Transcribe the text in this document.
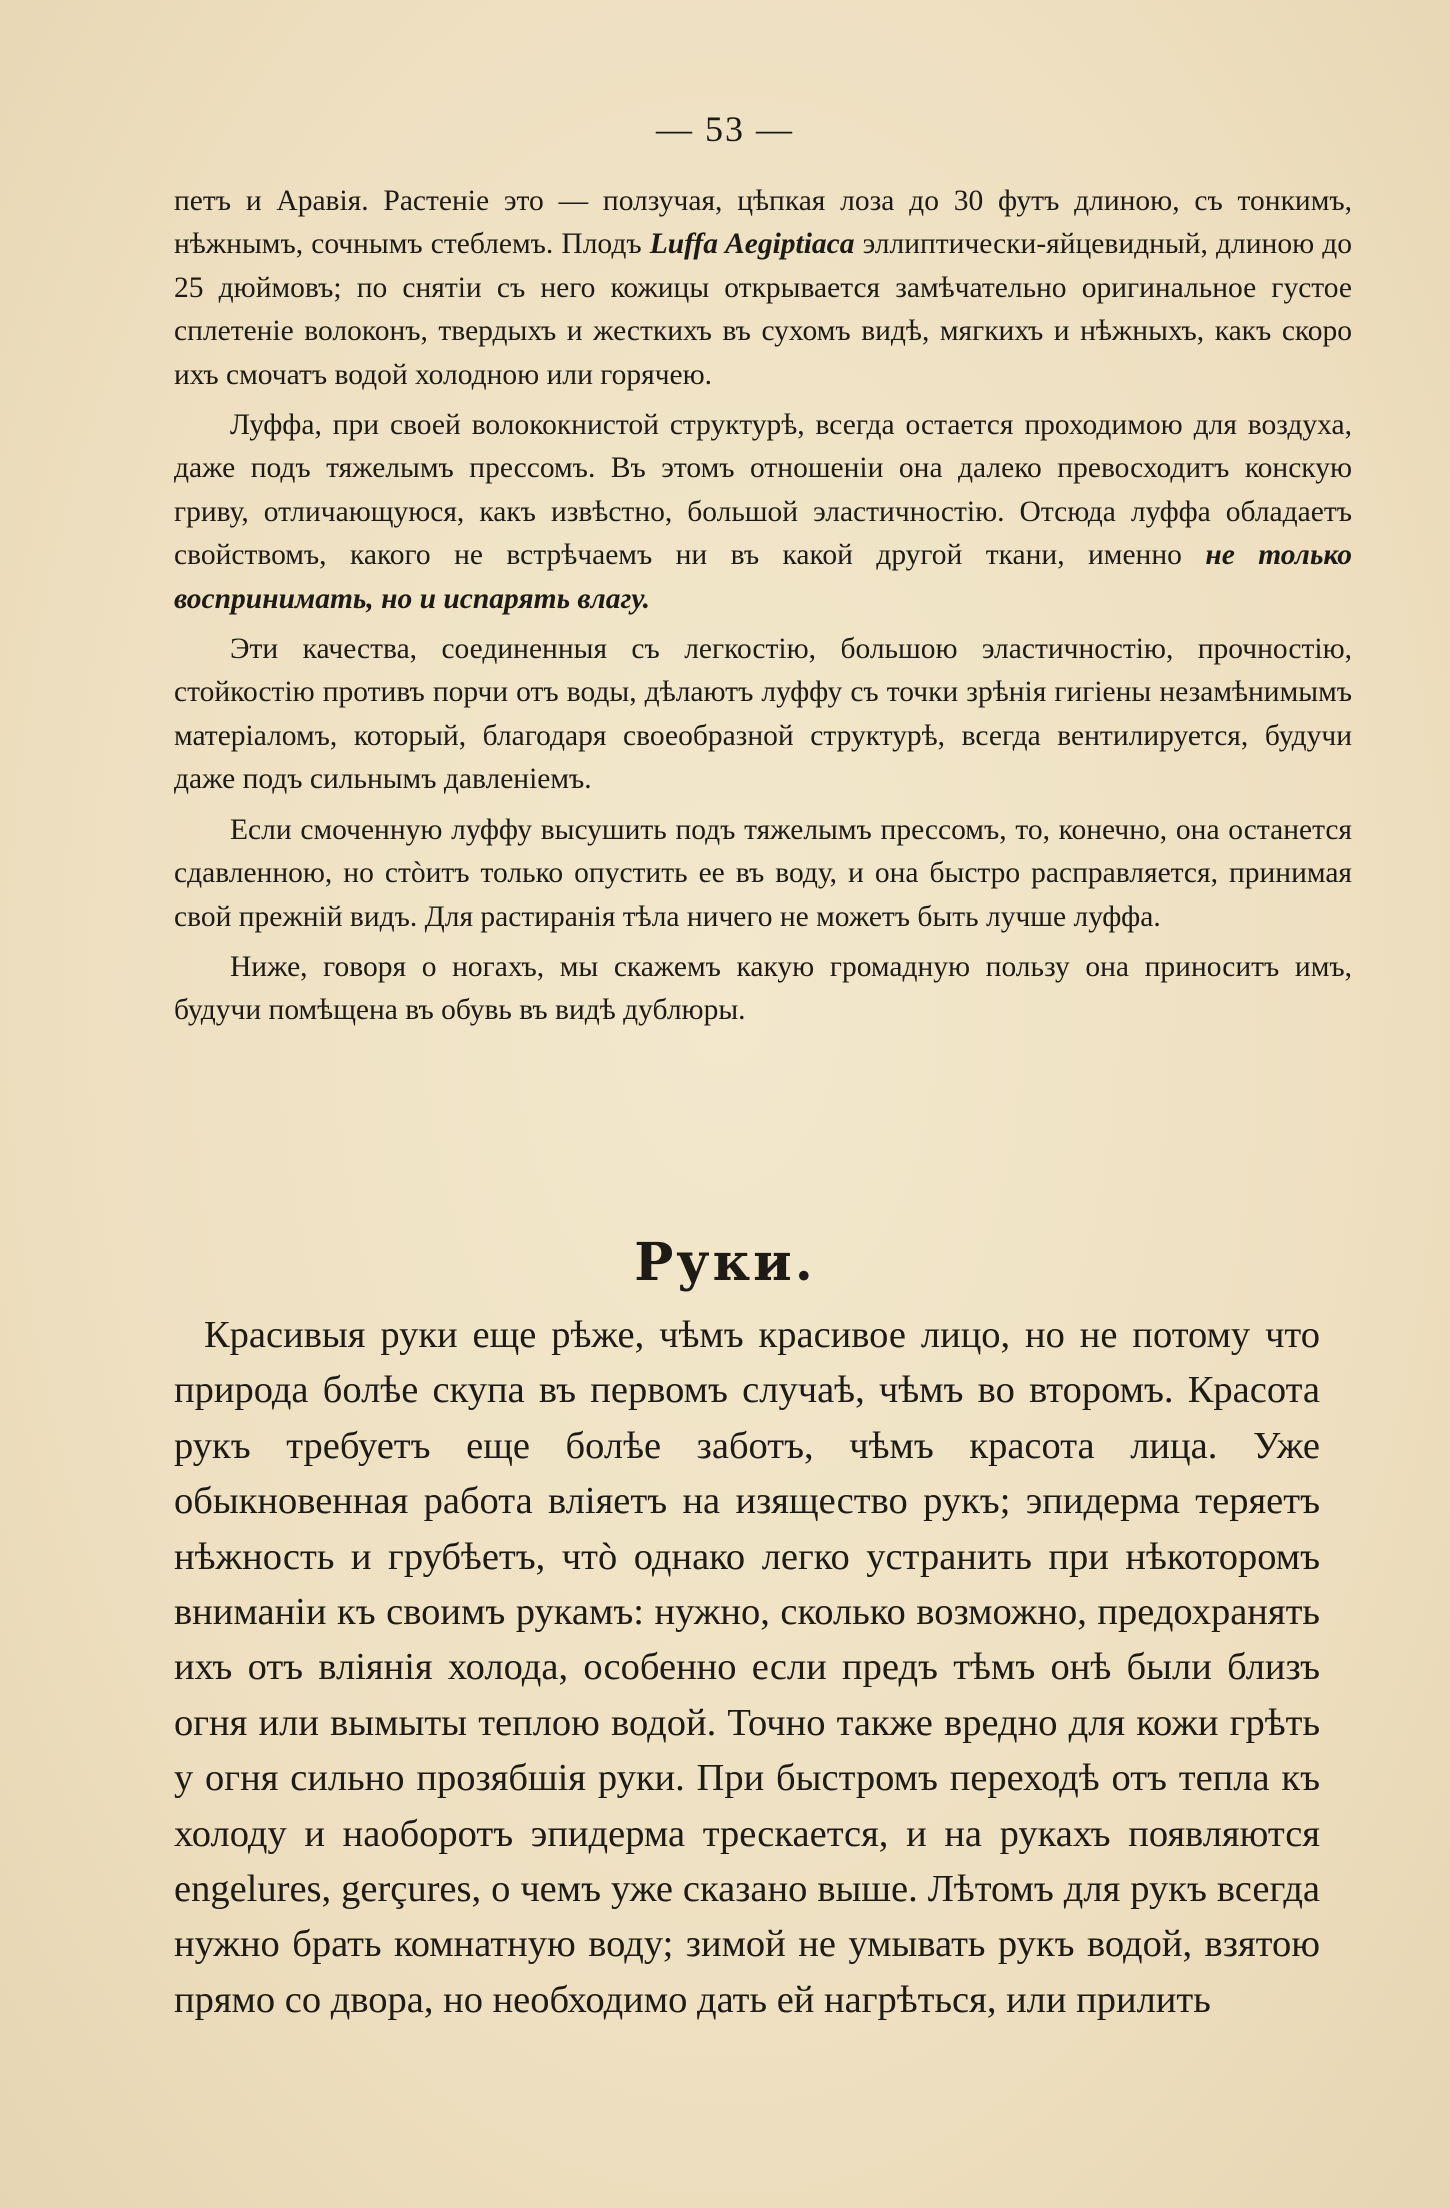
— 53 —

петъ и Аравія. Растеніе это — ползучая, цѣпкая лоза до 30 футъ длиною, съ тонкимъ, нѣжнымъ, сочнымъ стеблемъ. Плодъ Luffa Aegiptiaca эллиптически-яйцевидный, длиною до 25 дюймовъ; по снятіи съ него кожицы открывается замѣчательно оригинальное густое сплетеніе волоконъ, твердыхъ и жесткихъ въ сухомъ видѣ, мягкихъ и нѣжныхъ, какъ скоро ихъ смочатъ водой холодною или горячею.

Луффа, при своей волококнистой структурѣ, всегда остается проходимою для воздуха, даже подъ тяжелымъ прессомъ. Въ этомъ отношеніи она далеко превосходитъ конскую гриву, отличающуюся, какъ извѣстно, большой эластичностію. Отсюда луффа обладаетъ свойствомъ, какого не встрѣчаемъ ни въ какой другой ткани, именно не только воспринимать, но и испарять влагу.

Эти качества, соединенныя съ легкостію, большою эластичностію, прочностію, стойкостію противъ порчи отъ воды, дѣлаютъ луффу съ точки зрѣнія гигіены незамѣнимымъ матеріаломъ, который, благодаря своеобразной структурѣ, всегда вентилируется, будучи даже подъ сильнымъ давленіемъ.

Если смоченную луффу высушить подъ тяжелымъ прессомъ, то, конечно, она останется сдавленною, но стòитъ только опустить ее въ воду, и она быстро расправляется, принимая свой прежній видъ. Для растиранія тѣла ничего не можетъ быть лучше луффа.

Ниже, говоря о ногахъ, мы скажемъ какую громадную пользу она приноситъ имъ, будучи помѣщена въ обувь въ видѣ дублюры.

Руки.

Красивыя руки еще рѣже, чѣмъ красивое лицо, но не потому что природа болѣе скупа въ первомъ случаѣ, чѣмъ во второмъ. Красота рукъ требуетъ еще болѣе заботъ, чѣмъ красота лица. Уже обыкновенная работа вліяетъ на изящество рукъ; эпидерма теряетъ нѣжность и грубѣетъ, чтò однако легко устранить при нѣкоторомъ вниманіи къ своимъ рукамъ: нужно, сколько возможно, предохранять ихъ отъ вліянія холода, особенно если предъ тѣмъ онѣ были близъ огня или вымыты теплою водой. Точно также вредно для кожи грѣть у огня сильно прозябшія руки. При быстромъ переходѣ отъ тепла къ холоду и наоборотъ эпидерма трескается, и на рукахъ появляются engelures, gerçures, о чемъ уже сказано выше. Лѣтомъ для рукъ всегда нужно брать комнатную воду; зимой не умывать рукъ водой, взятою прямо со двора, но необходимо дать ей нагрѣться, или прилить
